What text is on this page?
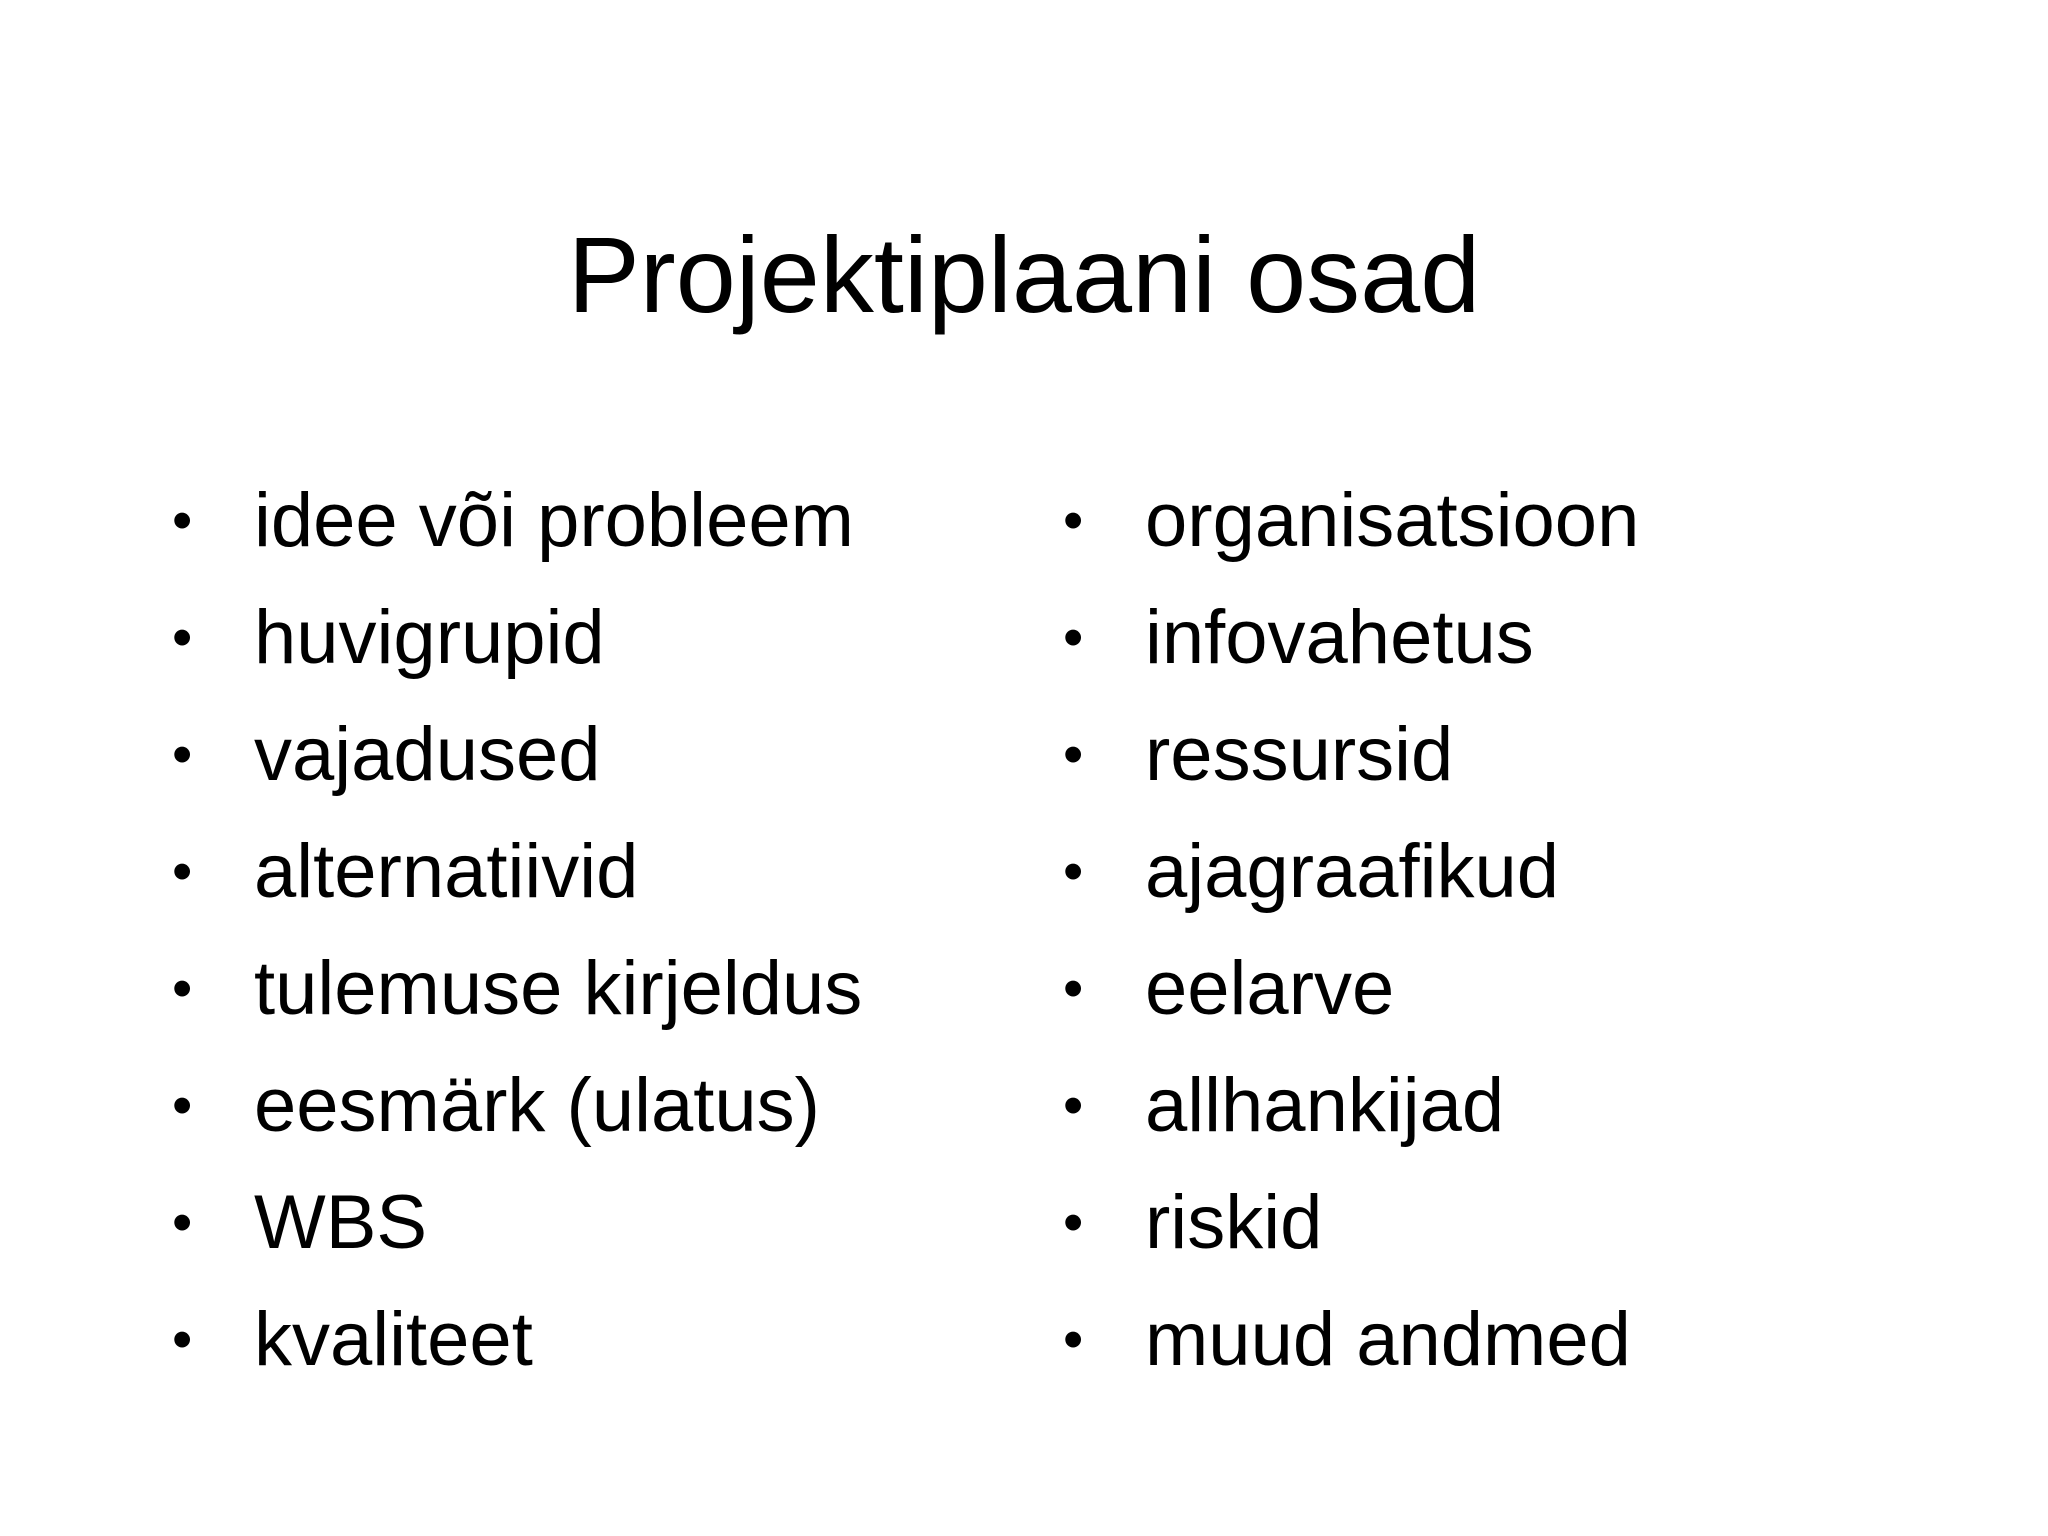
Projektiplaani osad
• idee või probleem
• huvigrupid
• vajadused
• alternatiivid
• tulemuse kirjeldus
• eesmärk (ulatus)
• WBS
• kvaliteet
• organisatsioon
• infovahetus
• ressursid
• ajagraafikud
• eelarve
• allhankijad
• riskid
• muud andmed
